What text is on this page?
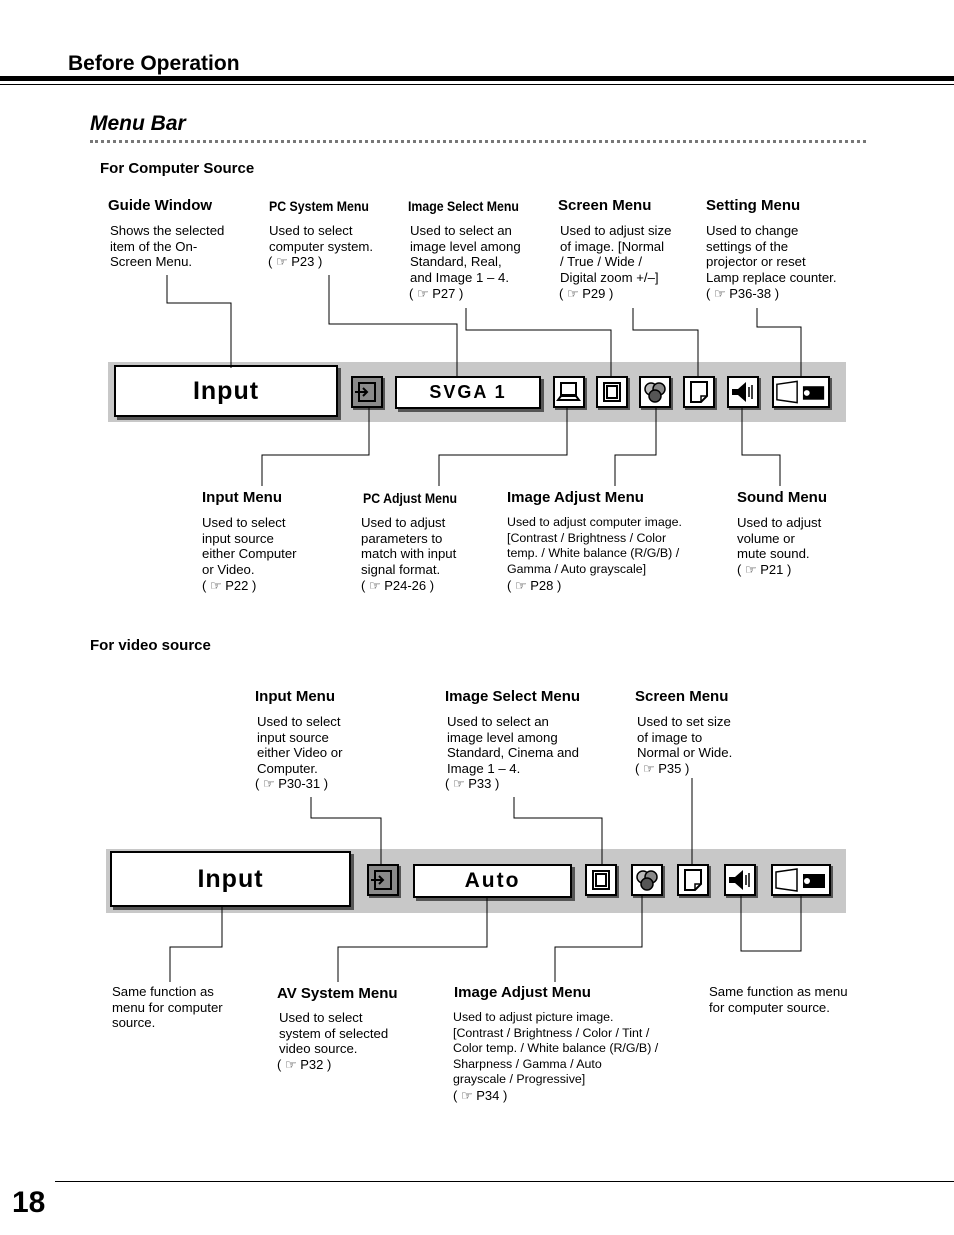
Before Operation
Menu Bar
For Computer Source
Guide Window
Shows the selected
item of the On-
Screen Menu.
PC System Menu
Used to select
computer system.
( ☞ P23 )
Image Select Menu
Used to select an
image level among
Standard, Real,
and Image 1 – 4.
( ☞ P27 )
Screen Menu
Used to adjust size
of image. [Normal
/ True / Wide /
Digital zoom +/–]
( ☞ P29 )
Setting Menu
Used to change
settings of the
projector or reset
Lamp replace counter.
( ☞ P36-38 )
Input	SVGA 1
Input Menu
Used to select
input source
either Computer
or Video.
( ☞ P22 )
PC Adjust Menu
Used to adjust
parameters to
match with input
signal format.
( ☞ P24-26 )
Image Adjust Menu
Used to adjust computer image.
[Contrast / Brightness / Color
temp. / White balance (R/G/B) /
Gamma / Auto grayscale]
( ☞ P28 )
Sound Menu
Used to adjust
volume or
mute sound.
( ☞ P21 )
For video source
Input Menu
Used to select
input source
either Video or
Computer.
( ☞ P30-31 )
Image Select Menu
Used to select an
image level among
Standard, Cinema and
Image 1 – 4.
( ☞ P33 )
Screen Menu
Used to set size
of image to
Normal or Wide.
( ☞ P35 )
Input	Auto
Same function as
menu for computer
source.
AV System Menu
Used to select
system of selected
video source.
( ☞ P32 )
Image Adjust Menu
Used to adjust picture image.
[Contrast / Brightness / Color / Tint /
Color temp. / White balance (R/G/B) /
Sharpness / Gamma / Auto
grayscale / Progressive]
( ☞ P34 )
Same function as menu
for computer source.
18
